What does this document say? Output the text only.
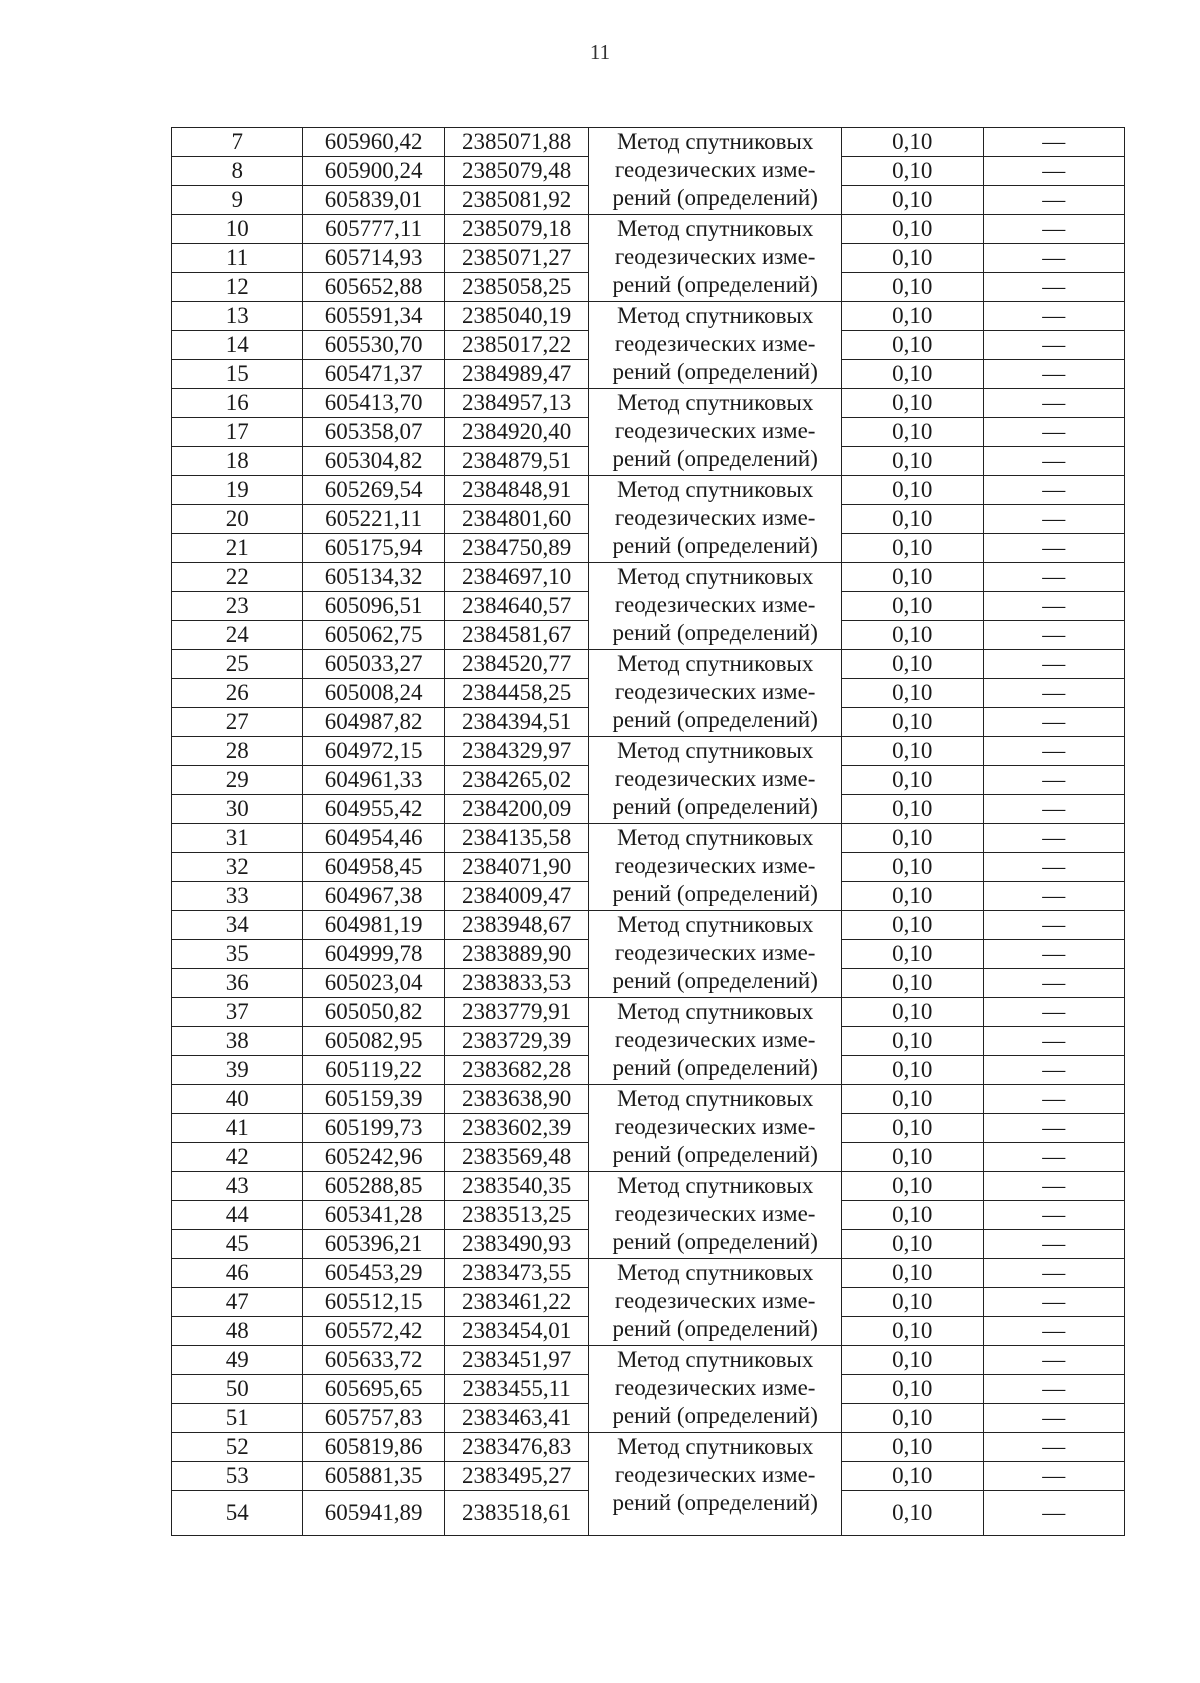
11
7	605960,42	2385071,88	Метод спутниковых
геодезических изме-
рений (определений)	0,10	—
8	605900,24	2385079,48		0,10	—
9	605839,01	2385081,92		0,10	—
10	605777,11	2385079,18	Метод спутниковых
геодезических изме-
рений (определений)	0,10	—
11	605714,93	2385071,27		0,10	—
12	605652,88	2385058,25		0,10	—
13	605591,34	2385040,19	Метод спутниковых
геодезических изме-
рений (определений)	0,10	—
14	605530,70	2385017,22		0,10	—
15	605471,37	2384989,47		0,10	—
16	605413,70	2384957,13	Метод спутниковых
геодезических изме-
рений (определений)	0,10	—
17	605358,07	2384920,40		0,10	—
18	605304,82	2384879,51		0,10	—
19	605269,54	2384848,91	Метод спутниковых
геодезических изме-
рений (определений)	0,10	—
20	605221,11	2384801,60		0,10	—
21	605175,94	2384750,89		0,10	—
22	605134,32	2384697,10	Метод спутниковых
геодезических изме-
рений (определений)	0,10	—
23	605096,51	2384640,57		0,10	—
24	605062,75	2384581,67		0,10	—
25	605033,27	2384520,77	Метод спутниковых
геодезических изме-
рений (определений)	0,10	—
26	605008,24	2384458,25		0,10	—
27	604987,82	2384394,51		0,10	—
28	604972,15	2384329,97	Метод спутниковых
геодезических изме-
рений (определений)	0,10	—
29	604961,33	2384265,02		0,10	—
30	604955,42	2384200,09		0,10	—
31	604954,46	2384135,58	Метод спутниковых
геодезических изме-
рений (определений)	0,10	—
32	604958,45	2384071,90		0,10	—
33	604967,38	2384009,47		0,10	—
34	604981,19	2383948,67	Метод спутниковых
геодезических изме-
рений (определений)	0,10	—
35	604999,78	2383889,90		0,10	—
36	605023,04	2383833,53		0,10	—
37	605050,82	2383779,91	Метод спутниковых
геодезических изме-
рений (определений)	0,10	—
38	605082,95	2383729,39		0,10	—
39	605119,22	2383682,28		0,10	—
40	605159,39	2383638,90	Метод спутниковых
геодезических изме-
рений (определений)	0,10	—
41	605199,73	2383602,39		0,10	—
42	605242,96	2383569,48		0,10	—
43	605288,85	2383540,35	Метод спутниковых
геодезических изме-
рений (определений)	0,10	—
44	605341,28	2383513,25		0,10	—
45	605396,21	2383490,93		0,10	—
46	605453,29	2383473,55	Метод спутниковых
геодезических изме-
рений (определений)	0,10	—
47	605512,15	2383461,22		0,10	—
48	605572,42	2383454,01		0,10	—
49	605633,72	2383451,97	Метод спутниковых
геодезических изме-
рений (определений)	0,10	—
50	605695,65	2383455,11		0,10	—
51	605757,83	2383463,41		0,10	—
52	605819,86	2383476,83	Метод спутниковых
геодезических изме-
рений (определений)	0,10	—
53	605881,35	2383495,27		0,10	—
54	605941,89	2383518,61		0,10	—
